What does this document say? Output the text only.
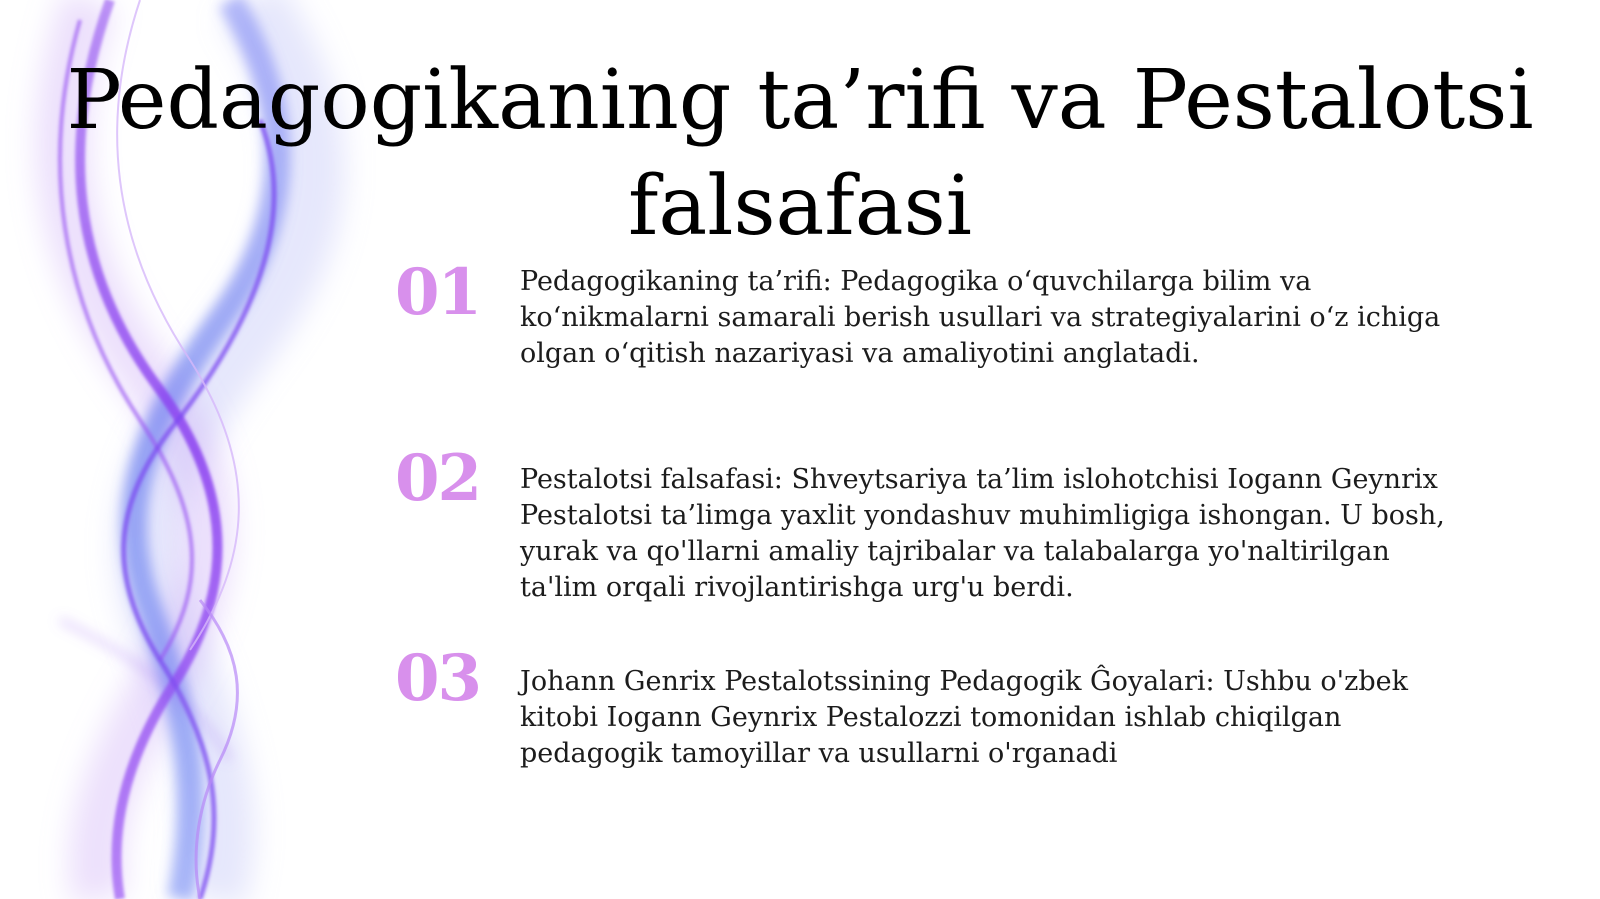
Pedagogikaning ta’rifi va Pestalotsi falsafasi
01	Pedagogikaning ta’rifi: Pedagogika o‘quvchilarga bilim va ko‘nikmalarni samarali berish usullari va strategiyalarini o‘z ichiga olgan o‘qitish nazariyasi va amaliyotini anglatadi.

02	Pestalotsi falsafasi: Shveytsariya ta’lim islohotchisi Iogann Geynrix Pestalotsi ta’limga yaxlit yondashuv muhimligiga ishongan. U bosh, yurak va qo'llarni amaliy tajribalar va talabalarga yo'naltirilgan ta'lim orqali rivojlantirishga urg'u berdi.

03	Johann Genrix Pestalotssining Pedagogik Ĝoyalari: Ushbu o'zbek kitobi Iogann Geynrix Pestalozzi tomonidan ishlab chiqilgan pedagogik tamoyillar va usullarni o'rganadi
